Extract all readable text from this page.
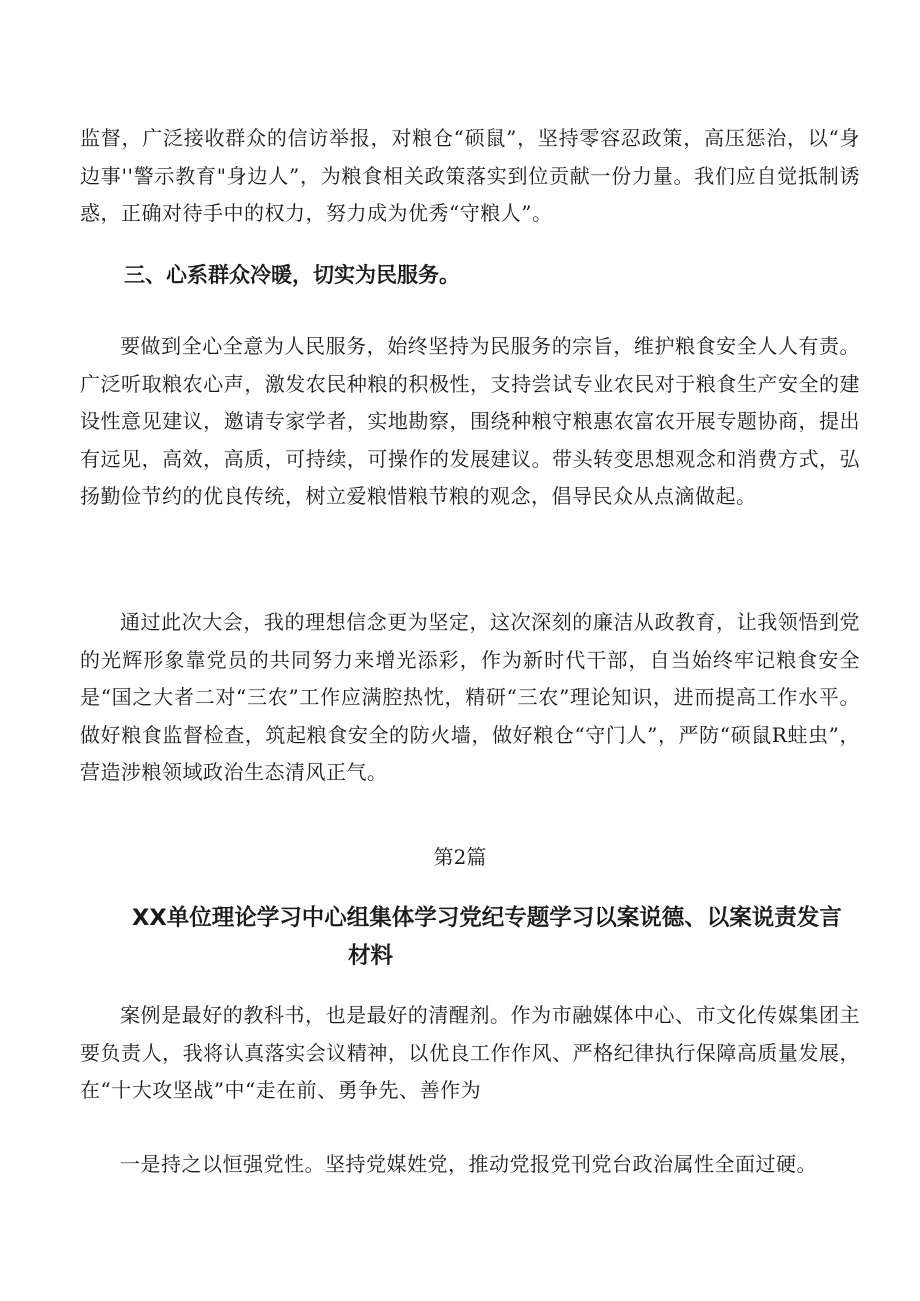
监督，广泛接收群众的信访举报，对粮仓“硕鼠”，坚持零容忍政策，高压惩治，以“身边事''警示教育"身边人”，为粮食相关政策落实到位贡献一份力量。我们应自觉抵制诱惑，正确对待手中的权力，努力成为优秀“守粮人”。

三、心系群众冷暖，切实为民服务。

要做到全心全意为人民服务，始终坚持为民服务的宗旨，维护粮食安全人人有责。广泛听取粮农心声，激发农民种粮的积极性，支持尝试专业农民对于粮食生产安全的建设性意见建议，邀请专家学者，实地勘察，围绕种粮守粮惠农富农开展专题协商，提出有远见，高效，高质，可持续，可操作的发展建议。带头转变思想观念和消费方式，弘扬勤俭节约的优良传统，树立爱粮惜粮节粮的观念，倡导民众从点滴做起。

通过此次大会，我的理想信念更为坚定，这次深刻的廉洁从政教育，让我领悟到党的光辉形象靠党员的共同努力来增光添彩，作为新时代干部，自当始终牢记粮食安全是“国之大者二对“三农”工作应满腔热忱，精研“三农”理论知识，进而提高工作水平。做好粮食监督检查，筑起粮食安全的防火墙，做好粮仓“守门人”，严防“硕鼠R蛀虫”，营造涉粮领域政治生态清风正气。

第2篇

XX单位理论学习中心组集体学习党纪专题学习以案说德、以案说责发言
材料

案例是最好的教科书，也是最好的清醒剂。作为市融媒体中心、市文化传媒集团主要负责人，我将认真落实会议精神，以优良工作作风、严格纪律执行保障高质量发展，在“十大攻坚战”中“走在前、勇争先、善作为

一是持之以恒强党性。坚持党媒姓党，推动党报党刊党台政治属性全面过硬。
